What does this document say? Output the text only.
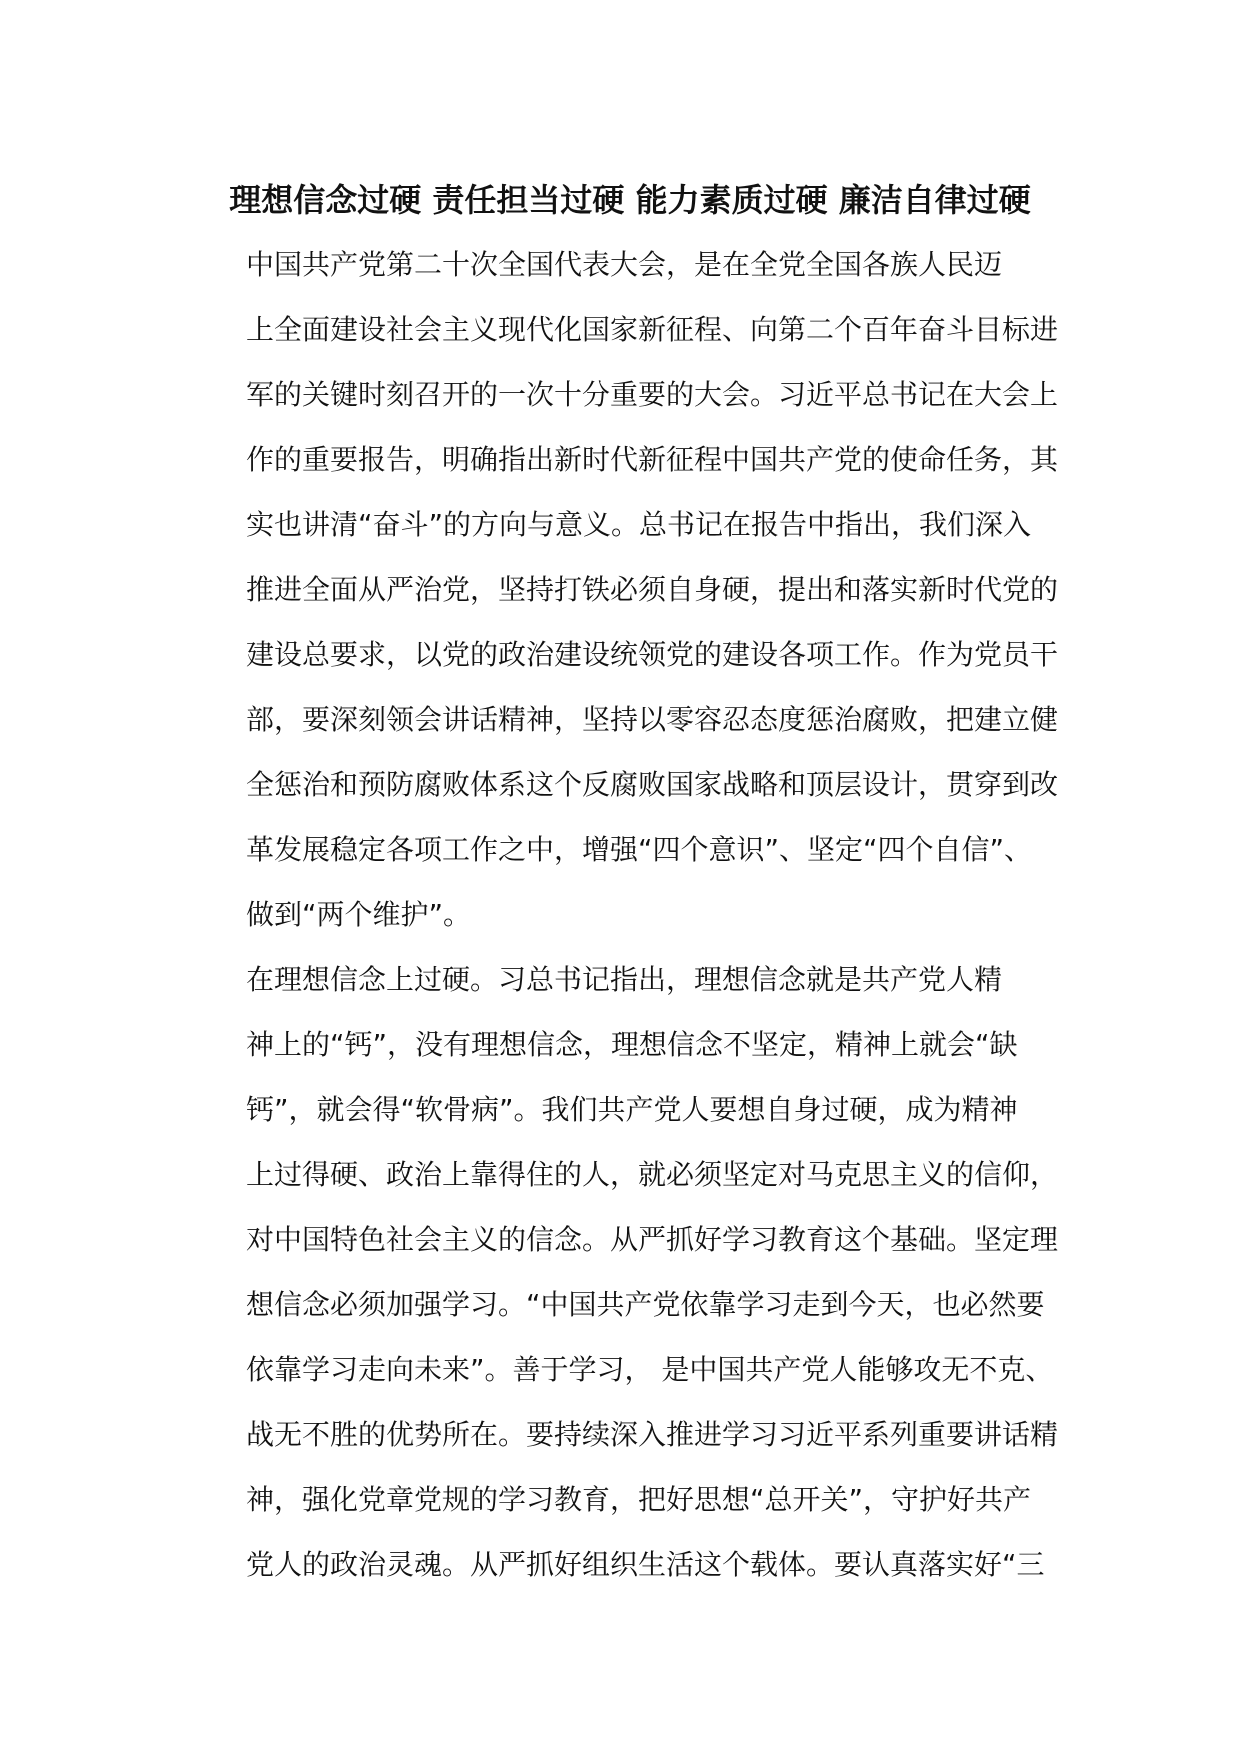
理想信念过硬 责任担当过硬 能力素质过硬 廉洁自律过硬

中国共产党第二十次全国代表大会，是在全党全国各族人民迈
上全面建设社会主义现代化国家新征程、向第二个百年奋斗目标进
军的关键时刻召开的一次十分重要的大会。习近平总书记在大会上
作的重要报告，明确指出新时代新征程中国共产党的使命任务，其
实也讲清“奋斗”的方向与意义。总书记在报告中指出，我们深入
推进全面从严治党，坚持打铁必须自身硬，提出和落实新时代党的
建设总要求，以党的政治建设统领党的建设各项工作。作为党员干
部，要深刻领会讲话精神，坚持以零容忍态度惩治腐败，把建立健
全惩治和预防腐败体系这个反腐败国家战略和顶层设计，贯穿到改
革发展稳定各项工作之中，增强“四个意识”、坚定“四个自信”、
做到“两个维护”。

在理想信念上过硬。习总书记指出，理想信念就是共产党人精
神上的“钙”，没有理想信念，理想信念不坚定，精神上就会“缺
钙”，就会得“软骨病”。我们共产党人要想自身过硬，成为精神
上过得硬、政治上靠得住的人，就必须坚定对马克思主义的信仰，
对中国特色社会主义的信念。从严抓好学习教育这个基础。坚定理
想信念必须加强学习。“中国共产党依靠学习走到今天，也必然要
依靠学习走向未来”。善于学习， 是中国共产党人能够攻无不克、
战无不胜的优势所在。要持续深入推进学习习近平系列重要讲话精
神，强化党章党规的学习教育，把好思想“总开关”，守护好共产
党人的政治灵魂。从严抓好组织生活这个载体。要认真落实好“三
